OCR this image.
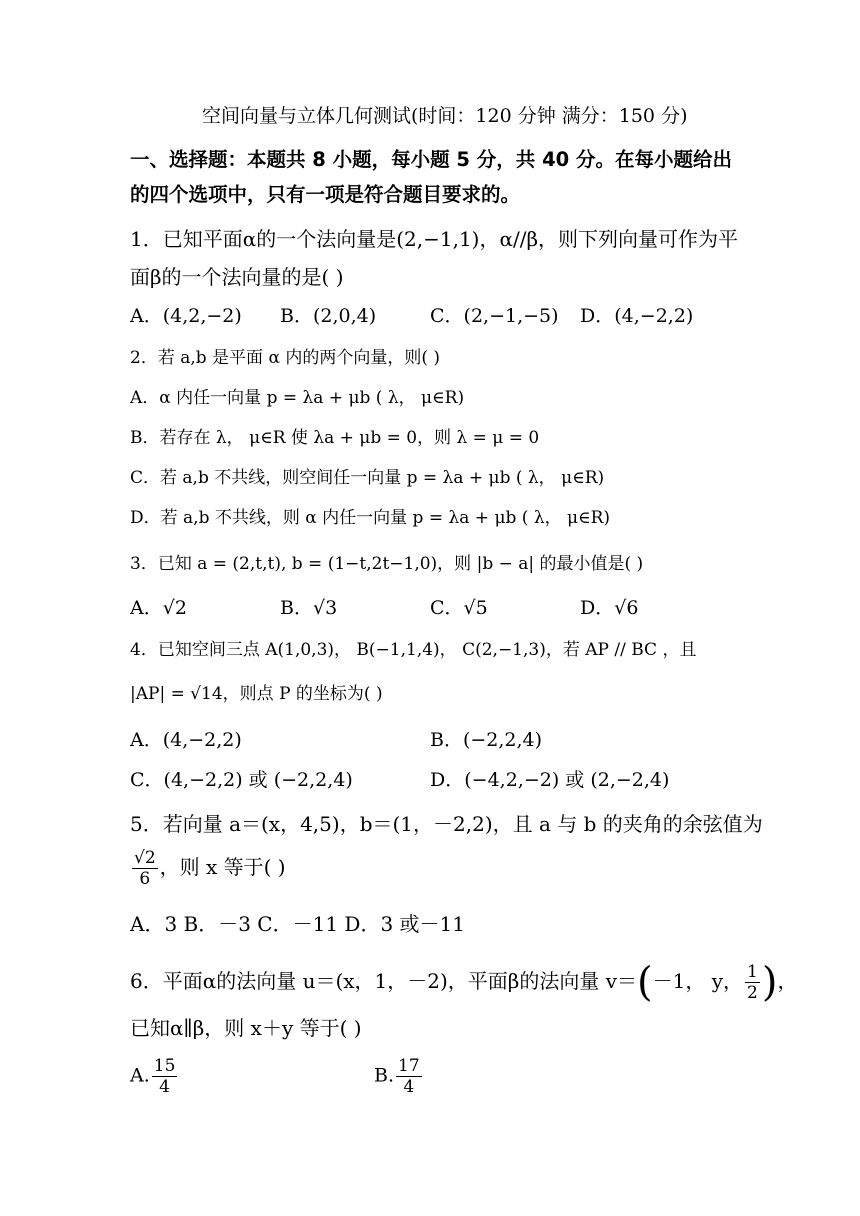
空间向量与立体几何测试(时间：120 分钟 满分：150 分)
一、选择题：本题共 8 小题，每小题 5 分，共 40 分。在每小题给出
的四个选项中，只有一项是符合题目要求的。
1．已知平面α的一个法向量是(2,−1,1)，α//β，则下列向量可作为平
面β的一个法向量的是( )
A．(4,2,−2) B．(2,0,4)	C．(2,−1,−5) D．(4,−2,2)
2．若 a,b 是平面 α 内的两个向量，则( )
A．α 内任一向量 p = λa + μb ( λ， μ∈R)
B．若存在 λ， μ∈R 使 λa + μb = 0，则 λ = μ = 0
C．若 a,b 不共线，则空间任一向量 p = λa + μb ( λ， μ∈R)
D．若 a,b 不共线，则 α 内任一向量 p = λa + μb ( λ， μ∈R)
3．已知 a = (2,t,t), b = (1−t,2t−1,0)，则 |b − a| 的最小值是( )
A．√2	B．√3	C．√5	D．√6
4．已知空间三点 A(1,0,3)， B(−1,1,4)， C(2,−1,3)，若 AP // BC ，且
|AP| = √14，则点 P 的坐标为( )
A．(4,−2,2)	B．(−2,2,4)
C．(4,−2,2) 或 (−2,2,4)	D．(−4,2,−2) 或 (2,−2,4)
5．若向量 a＝(x，4,5)，b＝(1，－2,2)，且 a 与 b 的夹角的余弦值为
$\frac{√2}{6}$ ，则 x 等于( )
A．3 B．－3 C．－11 D．3 或－11
6．平面α的法向量 u＝(x，1，－2)，平面β的法向量 v＝(－1， y， $\frac{1}{2}$ )，
已知α∥β，则 x＋y 等于( )
A. $\frac{15}{4}$	B. $\frac{17}{4}$
